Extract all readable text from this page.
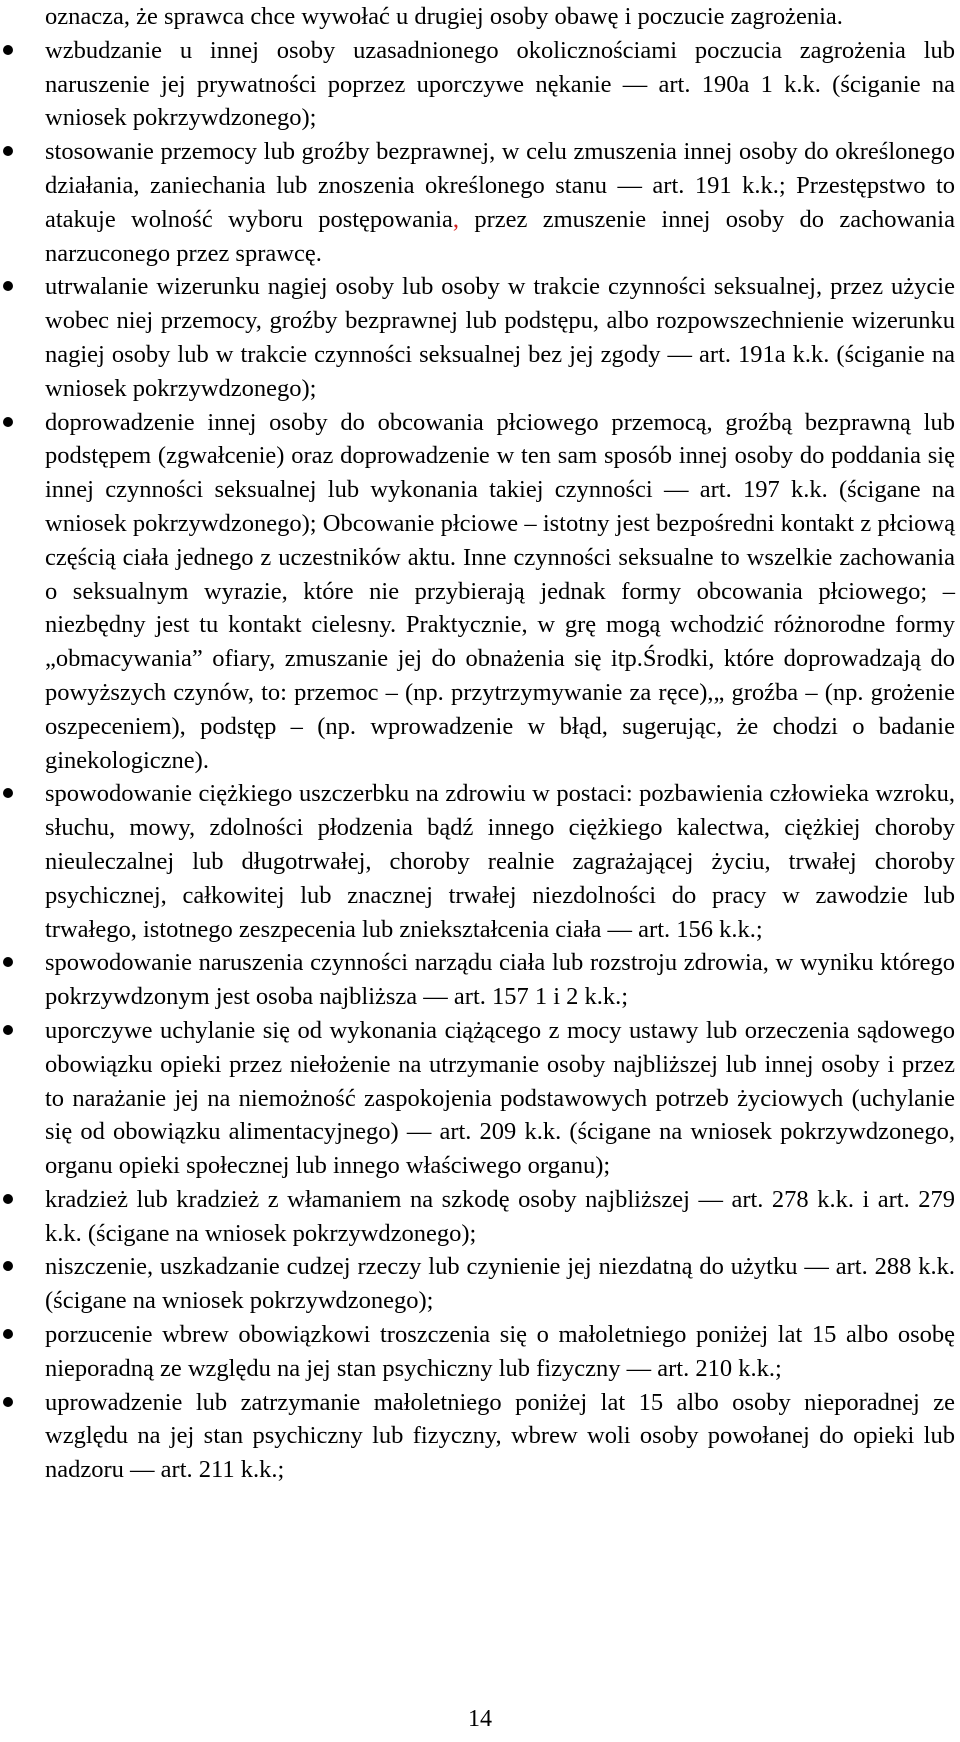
oznacza, że sprawca chce wywołać u drugiej osoby obawę i poczucie zagrożenia.

wzbudzanie u innej osoby uzasadnionego okolicznościami poczucia zagrożenia lub naruszenie jej prywatności poprzez uporczywe nękanie — art. 190a 1 k.k. (ściganie na wniosek pokrzywdzonego);
stosowanie przemocy lub groźby bezprawnej, w celu zmuszenia innej osoby do określonego działania, zaniechania lub znoszenia określonego stanu — art. 191 k.k.; Przestępstwo to atakuje wolność wyboru postępowania, przez zmuszenie innej osoby do zachowania narzuconego przez sprawcę.
utrwalanie wizerunku nagiej osoby lub osoby w trakcie czynności seksualnej, przez użycie wobec niej przemocy, groźby bezprawnej lub podstępu, albo rozpowszechnienie wizerunku nagiej osoby lub w trakcie czynności seksualnej bez jej zgody — art. 191a k.k. (ściganie na wniosek pokrzywdzonego);
doprowadzenie innej osoby do obcowania płciowego przemocą, groźbą bezprawną lub podstępem (zgwałcenie) oraz doprowadzenie w ten sam sposób innej osoby do poddania się innej czynności seksualnej lub wykonania takiej czynności — art. 197 k.k. (ścigane na wniosek pokrzywdzonego); Obcowanie płciowe – istotny jest bezpośredni kontakt z płciową częścią ciała jednego z uczestników aktu. Inne czynności seksualne to wszelkie zachowania o seksualnym wyrazie, które nie przybierają jednak formy obcowania płciowego; – niezbędny jest tu kontakt cielesny. Praktycznie, w grę mogą wchodzić różnorodne formy „obmacywania” ofiary, zmuszanie jej do obnażenia się itp.Środki, które doprowadzają do powyższych czynów, to: przemoc – (np. przytrzymywanie za ręce),„ groźba – (np. grożenie oszpeceniem), podstęp – (np. wprowadzenie w błąd, sugerując, że chodzi o badanie ginekologiczne).
spowodowanie ciężkiego uszczerbku na zdrowiu w postaci: pozbawienia człowieka wzroku, słuchu, mowy, zdolności płodzenia bądź innego ciężkiego kalectwa, ciężkiej choroby nieuleczalnej lub długotrwałej, choroby realnie zagrażającej życiu, trwałej choroby psychicznej, całkowitej lub znacznej trwałej niezdolności do pracy w zawodzie lub trwałego, istotnego zeszpecenia lub zniekształcenia ciała — art. 156 k.k.;
spowodowanie naruszenia czynności narządu ciała lub rozstroju zdrowia, w wyniku którego pokrzywdzonym jest osoba najbliższa — art. 157 1 i 2 k.k.;
uporczywe uchylanie się od wykonania ciążącego z mocy ustawy lub orzeczenia sądowego obowiązku opieki przez niełożenie na utrzymanie osoby najbliższej lub innej osoby i przez to narażanie jej na niemożność zaspokojenia podstawowych potrzeb życiowych (uchylanie się od obowiązku alimentacyjnego) — art. 209 k.k. (ścigane na wniosek pokrzywdzonego, organu opieki społecznej lub innego właściwego organu);
kradzież lub kradzież z włamaniem na szkodę osoby najbliższej — art. 278 k.k. i art. 279 k.k. (ścigane na wniosek pokrzywdzonego);
niszczenie, uszkadzanie cudzej rzeczy lub czynienie jej niezdatną do użytku — art. 288 k.k. (ścigane na wniosek pokrzywdzonego);
porzucenie wbrew obowiązkowi troszczenia się o małoletniego poniżej lat 15 albo osobę nieporadną ze względu na jej stan psychiczny lub fizyczny — art. 210 k.k.;
uprowadzenie lub zatrzymanie małoletniego poniżej lat 15 albo osoby nieporadnej ze względu na jej stan psychiczny lub fizyczny, wbrew woli osoby powołanej do opieki lub nadzoru — art. 211 k.k.;
14
